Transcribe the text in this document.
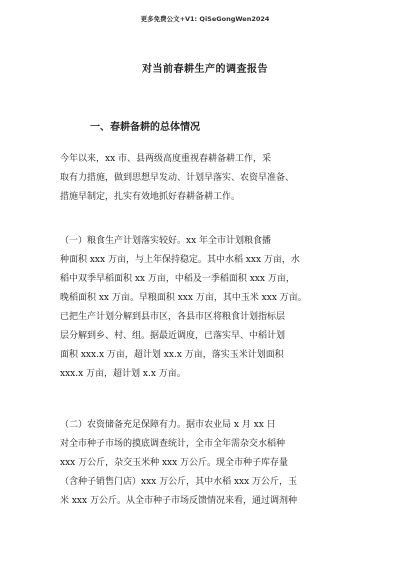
更多免费公文+V1: QiSeGongWen2024
对当前春耕生产的调查报告
一、春耕备耕的总体情况
今年以来，xx 市、县两级高度重视春耕备耕工作，采
取有力措施，做到思想早发动、计划早落实、农资早准备、
措施早制定，扎实有效地抓好春耕备耕工作。
（一）粮食生产计划落实较好。xx 年全市计划粮食播
种面积 xxx 万亩，与上年保持稳定。其中水稻 xxx 万亩，水
稻中双季早稻面积 xx 万亩，中稻及一季稻面积 xxx 万亩，
晚稻面积 xx 万亩。早粮面积 xxx 万亩，其中玉米 xxx 万亩。
已把生产计划分解到县市区，各县市区将粮食计划指标层
层分解到乡、村、组。据最近调度，已落实早、中稻计划
面积 xxx.x 万亩，超计划 xx.x 万亩，落实玉米计划面积
xxx.x 万亩，超计划 x.x 万亩。
（二）农资储备充足保障有力。据市农业局 x 月 xx 日
对全市种子市场的摸底调查统计，全市全年需杂交水稻种
xxx 万公斤，杂交玉米种 xxx 万公斤。现全市种子库存量
（含种子销售门店）xxx 万公斤，其中水稻 xxx 万公斤，玉
米 xxx 万公斤。从全市种子市场反馈情况来看，通过调剂种
